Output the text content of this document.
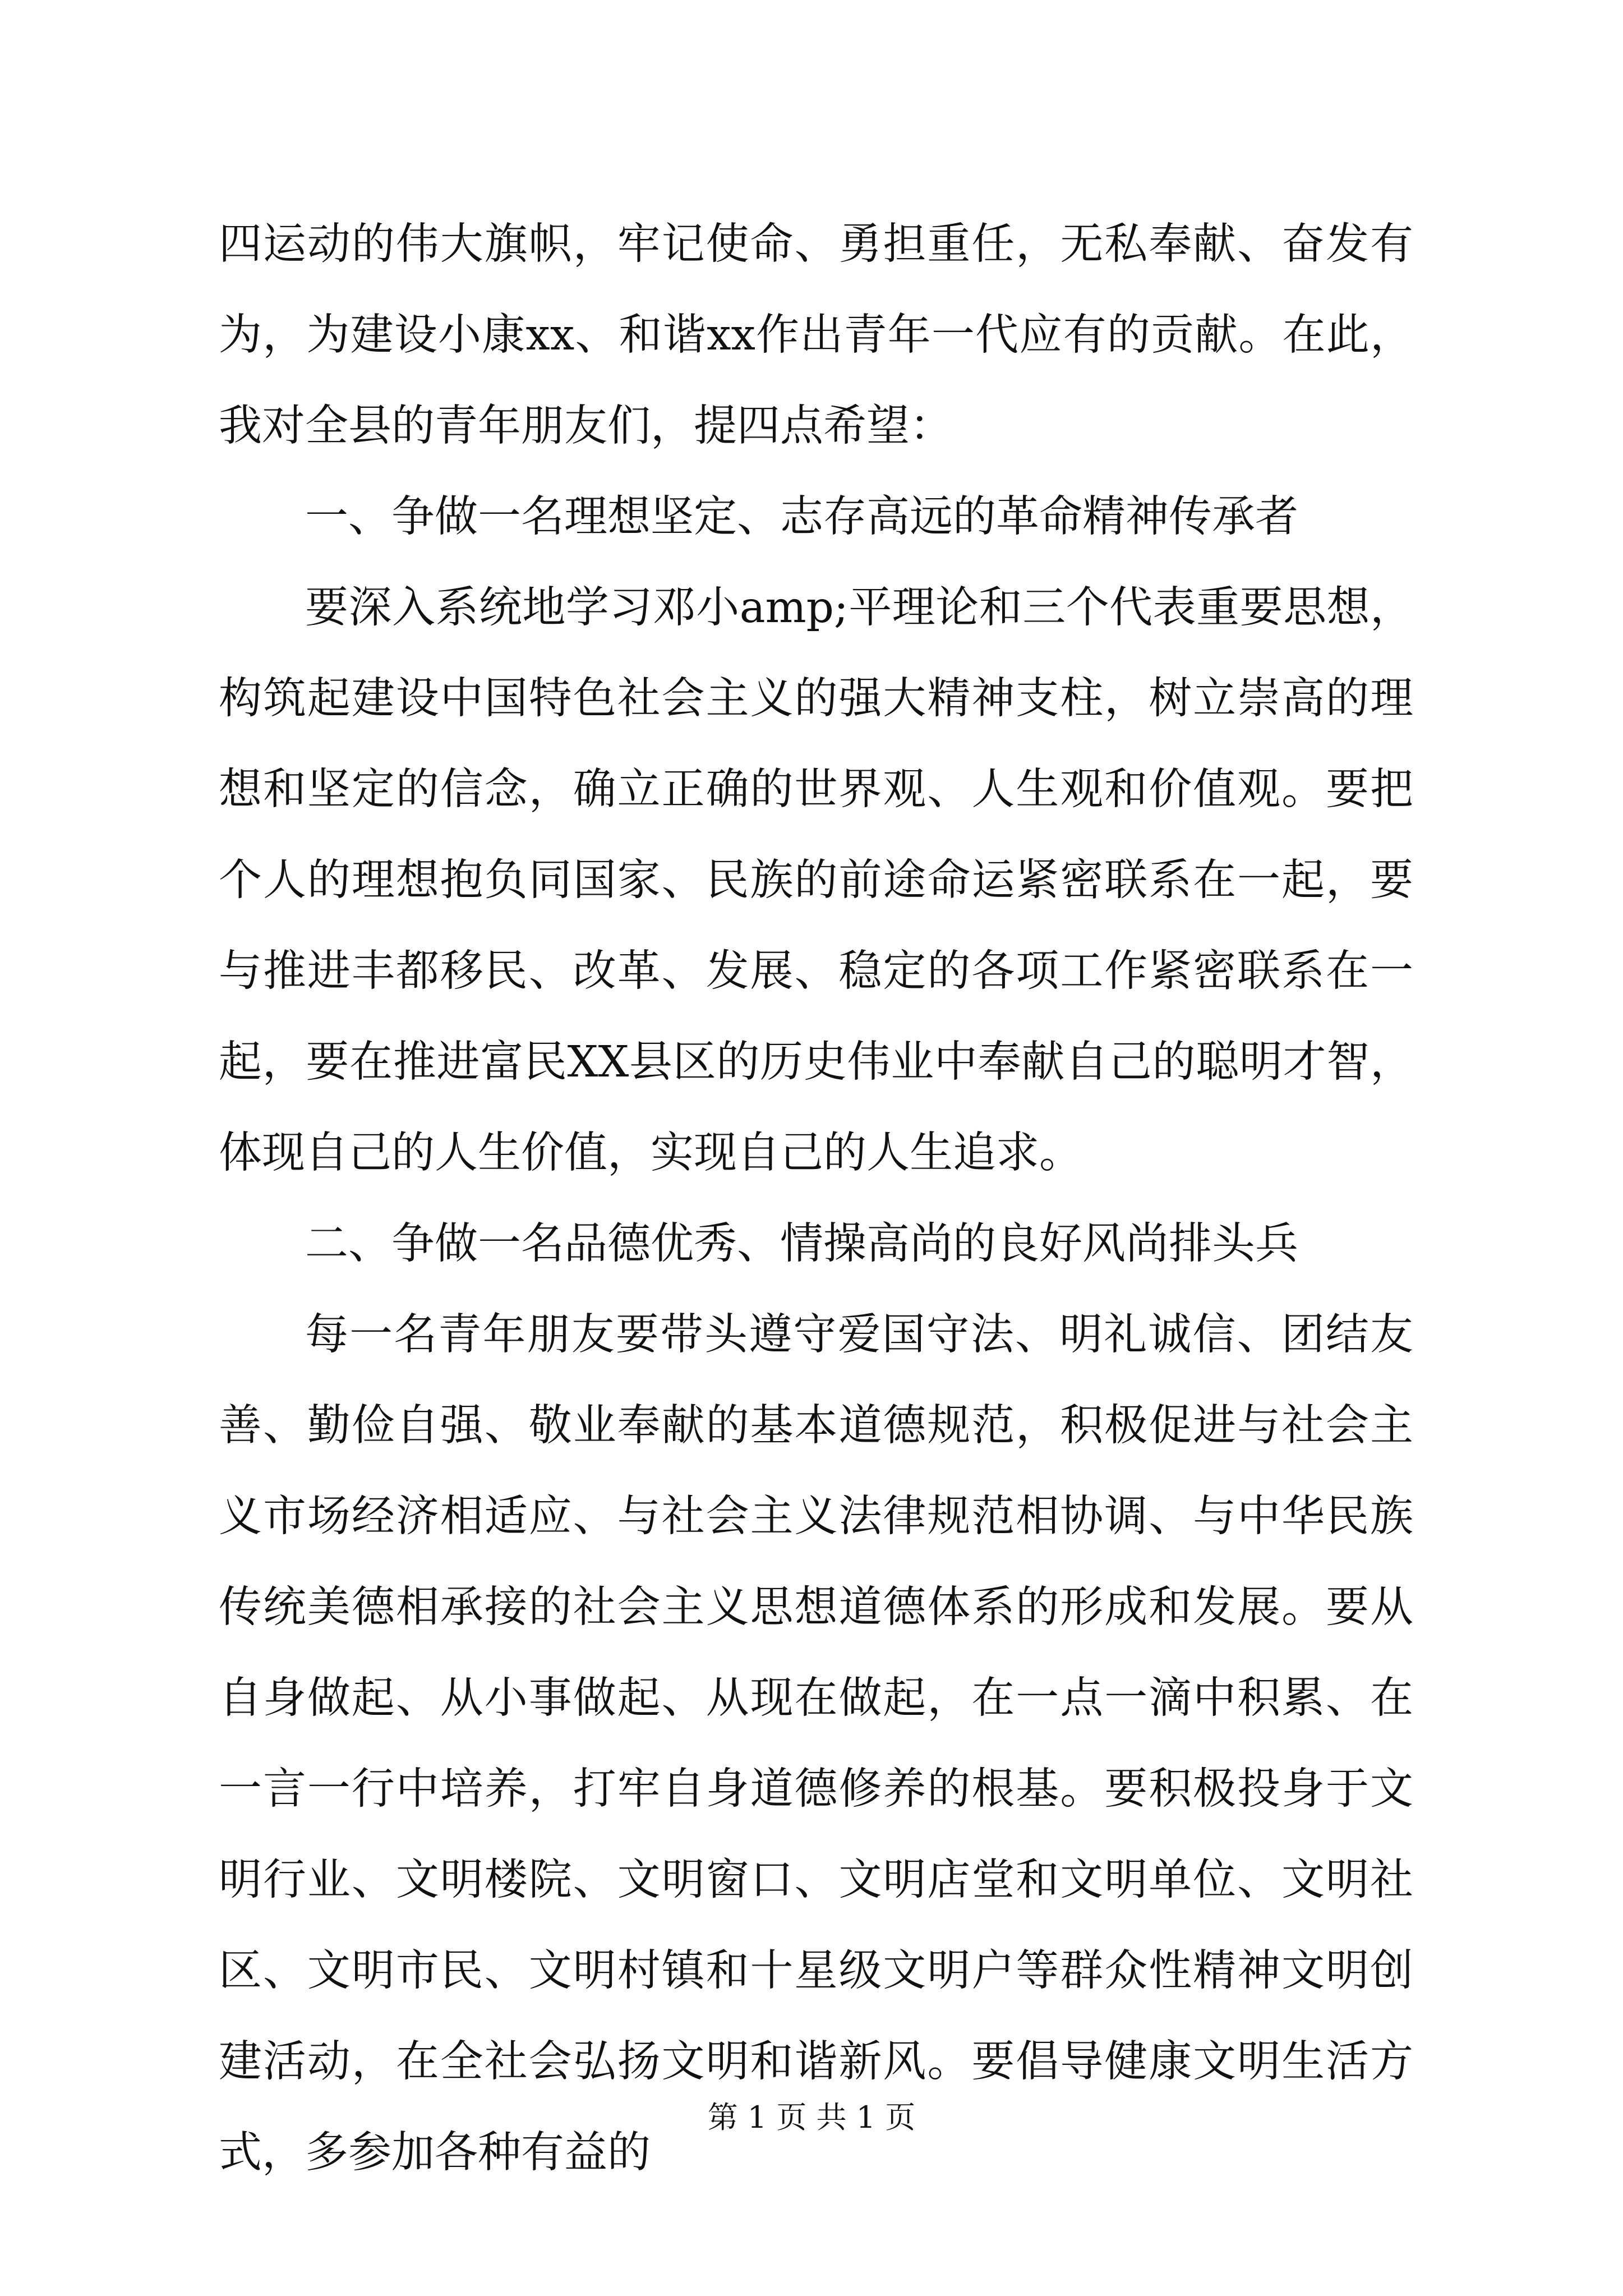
四运动的伟大旗帜，牢记使命、勇担重任，无私奉献、奋发有为，为建设小康xx、和谐xx作出青年一代应有的贡献。在此，我对全县的青年朋友们，提四点希望：

一、争做一名理想坚定、志存高远的革命精神传承者

要深入系统地学习邓小amp;平理论和三个代表重要思想，构筑起建设中国特色社会主义的强大精神支柱，树立崇高的理想和坚定的信念，确立正确的世界观、人生观和价值观。要把个人的理想抱负同国家、民族的前途命运紧密联系在一起，要与推进丰都移民、改革、发展、稳定的各项工作紧密联系在一起，要在推进富民XX县区的历史伟业中奉献自己的聪明才智，体现自己的人生价值，实现自己的人生追求。

二、争做一名品德优秀、情操高尚的良好风尚排头兵

每一名青年朋友要带头遵守爱国守法、明礼诚信、团结友善、勤俭自强、敬业奉献的基本道德规范，积极促进与社会主义市场经济相适应、与社会主义法律规范相协调、与中华民族传统美德相承接的社会主义思想道德体系的形成和发展。要从自身做起、从小事做起、从现在做起，在一点一滴中积累、在一言一行中培养，打牢自身道德修养的根基。要积极投身于文明行业、文明楼院、文明窗口、文明店堂和文明单位、文明社区、文明市民、文明村镇和十星级文明户等群众性精神文明创建活动，在全社会弘扬文明和谐新风。要倡导健康文明生活方式，多参加各种有益的

第 1 页 共 1 页
